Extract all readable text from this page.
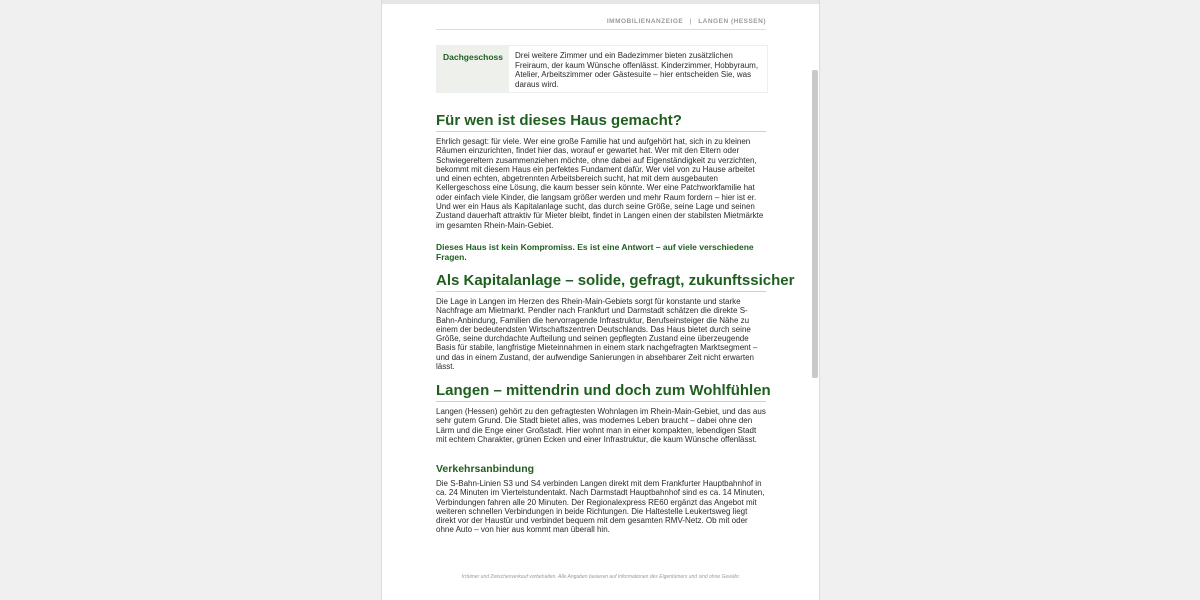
IMMOBILIENANZEIGE | LANGEN (HESSEN)
Dachgeschoss	Drei weitere Zimmer und ein Badezimmer bieten zusätzlichen Freiraum, der kaum Wünsche offenlässt. Kinderzimmer, Hobbyraum, Atelier, Arbeitszimmer oder Gästesuite – hier entscheiden Sie, was daraus wird.
Für wen ist dieses Haus gemacht?
Ehrlich gesagt: für viele. Wer eine große Familie hat und aufgehört hat, sich in zu kleinen Räumen einzurichten, findet hier das, worauf er gewartet hat. Wer mit den Eltern oder Schwiegereltern zusammenziehen möchte, ohne dabei auf Eigenständigkeit zu verzichten, bekommt mit diesem Haus ein perfektes Fundament dafür. Wer viel von zu Hause arbeitet und einen echten, abgetrennten Arbeitsbereich sucht, hat mit dem ausgebauten Kellergeschoss eine Lösung, die kaum besser sein könnte. Wer eine Patchworkfamilie hat oder einfach viele Kinder, die langsam größer werden und mehr Raum fordern – hier ist er. Und wer ein Haus als Kapitalanlage sucht, das durch seine Größe, seine Lage und seinen Zustand dauerhaft attraktiv für Mieter bleibt, findet in Langen einen der stabilsten Mietmärkte im gesamten Rhein-Main-Gebiet.
Dieses Haus ist kein Kompromiss. Es ist eine Antwort – auf viele verschiedene Fragen.
Als Kapitalanlage – solide, gefragt, zukunftssicher
Die Lage in Langen im Herzen des Rhein-Main-Gebiets sorgt für konstante und starke Nachfrage am Mietmarkt. Pendler nach Frankfurt und Darmstadt schätzen die direkte S-Bahn-Anbindung, Familien die hervorragende Infrastruktur, Berufseinsteiger die Nähe zu einem der bedeutendsten Wirtschaftszentren Deutschlands. Das Haus bietet durch seine Größe, seine durchdachte Aufteilung und seinen gepflegten Zustand eine überzeugende Basis für stabile, langfristige Mieteinnahmen in einem stark nachgefragten Marktsegment – und das in einem Zustand, der aufwendige Sanierungen in absehbarer Zeit nicht erwarten lässt.
Langen – mittendrin und doch zum Wohlfühlen
Langen (Hessen) gehört zu den gefragtesten Wohnlagen im Rhein-Main-Gebiet, und das aus sehr gutem Grund. Die Stadt bietet alles, was modernes Leben braucht – dabei ohne den Lärm und die Enge einer Großstadt. Hier wohnt man in einer kompakten, lebendigen Stadt mit echtem Charakter, grünen Ecken und einer Infrastruktur, die kaum Wünsche offenlässt.
Verkehrsanbindung
Die S-Bahn-Linien S3 und S4 verbinden Langen direkt mit dem Frankfurter Hauptbahnhof in ca. 24 Minuten im Viertelstundentakt. Nach Darmstadt Hauptbahnhof sind es ca. 14 Minuten, Verbindungen fahren alle 20 Minuten. Der Regionalexpress RE60 ergänzt das Angebot mit weiteren schnellen Verbindungen in beide Richtungen. Die Haltestelle Leukertsweg liegt direkt vor der Haustür und verbindet bequem mit dem gesamten RMV-Netz. Ob mit oder ohne Auto – von hier aus kommt man überall hin.
Irrtümer und Zwischenverkauf vorbehalten. Alle Angaben basieren auf Informationen des Eigentümers und sind ohne Gewähr.
